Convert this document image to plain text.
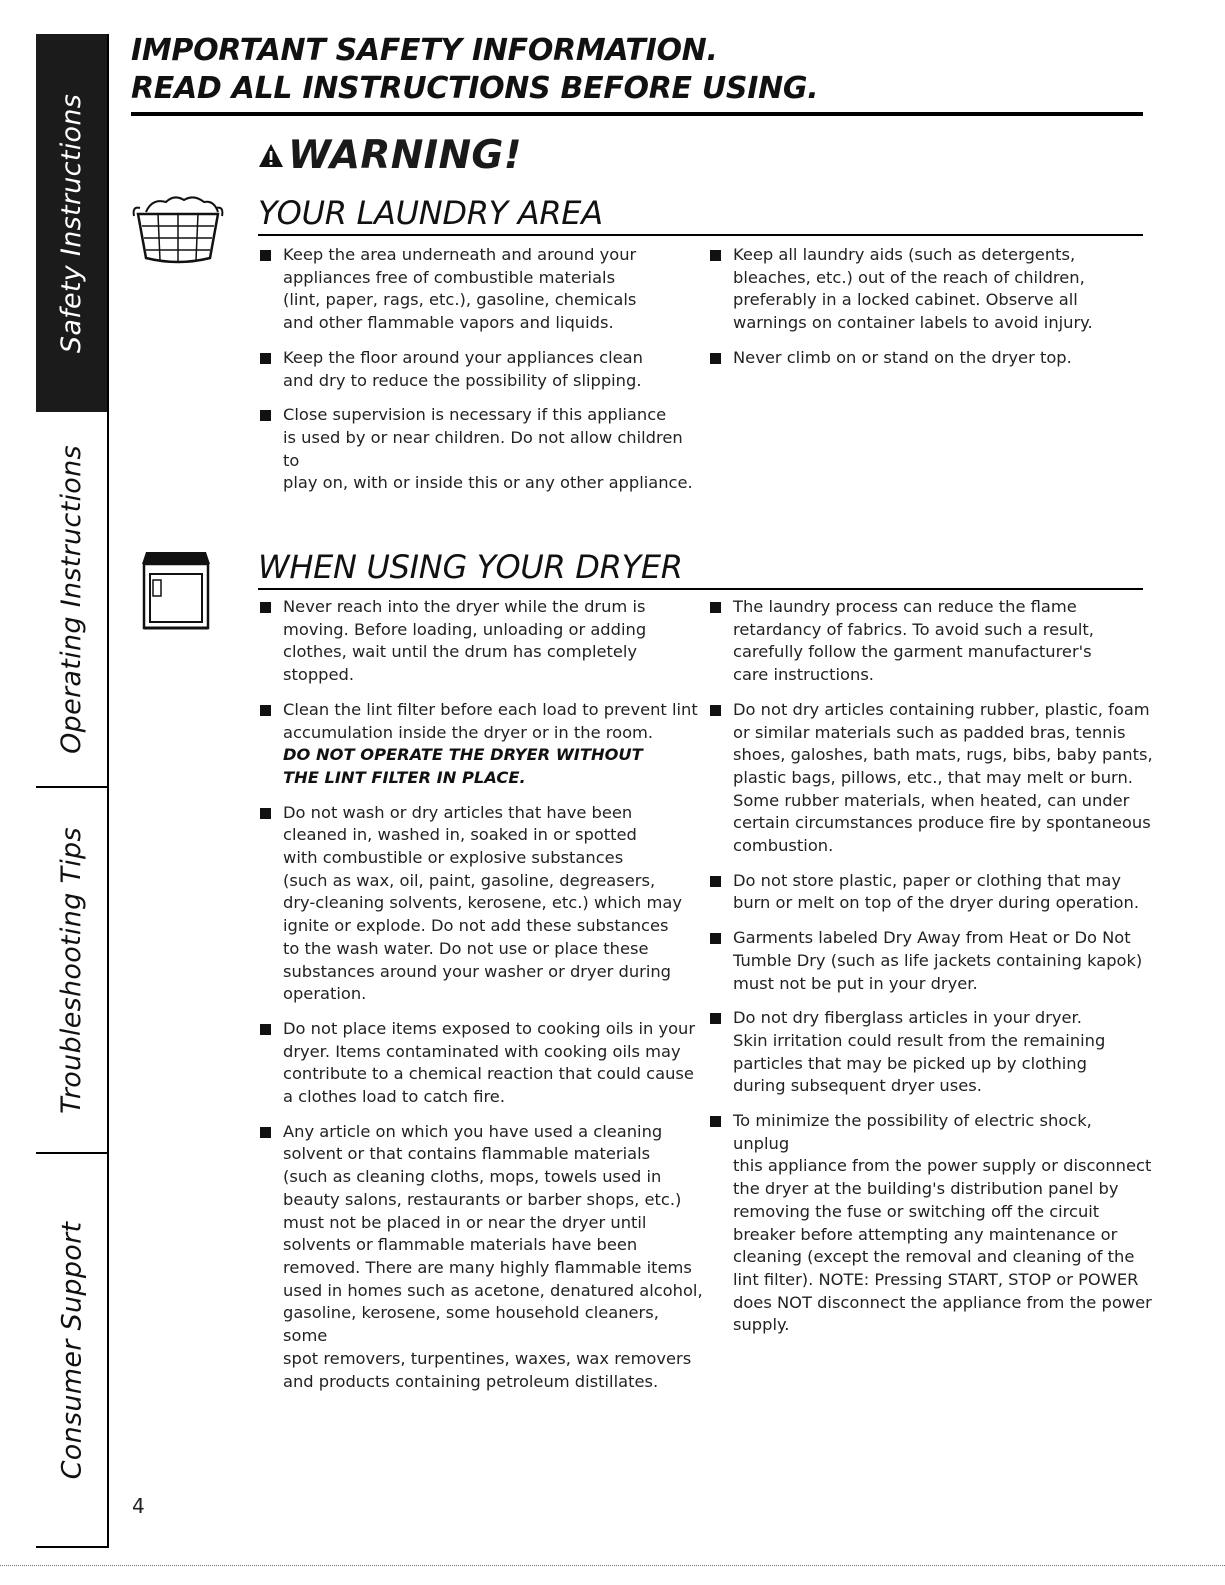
Safety Instructions
Operating Instructions
Troubleshooting Tips
Consumer Support
IMPORTANT SAFETY INFORMATION.
READ ALL INSTRUCTIONS BEFORE USING.
WARNING!
YOUR LAUNDRY AREA
Keep the area underneath and around your
appliances free of combustible materials
(lint, paper, rags, etc.), gasoline, chemicals
and other flammable vapors and liquids.
Keep the floor around your appliances clean
and dry to reduce the possibility of slipping.
Close supervision is necessary if this appliance
is used by or near children. Do not allow children to
play on, with or inside this or any other appliance.
Keep all laundry aids (such as detergents,
bleaches, etc.) out of the reach of children,
preferably in a locked cabinet. Observe all
warnings on container labels to avoid injury.
Never climb on or stand on the dryer top.
WHEN USING YOUR DRYER
Never reach into the dryer while the drum is
moving. Before loading, unloading or adding
clothes, wait until the drum has completely
stopped.
Clean the lint filter before each load to prevent lint
accumulation inside the dryer or in the room.
DO NOT OPERATE THE DRYER WITHOUT
THE LINT FILTER IN PLACE.
Do not wash or dry articles that have been
cleaned in, washed in, soaked in or spotted
with combustible or explosive substances
(such as wax, oil, paint, gasoline, degreasers,
dry-cleaning solvents, kerosene, etc.) which may
ignite or explode. Do not add these substances
to the wash water. Do not use or place these
substances around your washer or dryer during
operation.
Do not place items exposed to cooking oils in your
dryer. Items contaminated with cooking oils may
contribute to a chemical reaction that could cause
a clothes load to catch fire.
Any article on which you have used a cleaning
solvent or that contains flammable materials
(such as cleaning cloths, mops, towels used in
beauty salons, restaurants or barber shops, etc.)
must not be placed in or near the dryer until
solvents or flammable materials have been
removed. There are many highly flammable items
used in homes such as acetone, denatured alcohol,
gasoline, kerosene, some household cleaners, some
spot removers, turpentines, waxes, wax removers
and products containing petroleum distillates.
The laundry process can reduce the flame
retardancy of fabrics. To avoid such a result,
carefully follow the garment manufacturer's
care instructions.
Do not dry articles containing rubber, plastic, foam
or similar materials such as padded bras, tennis
shoes, galoshes, bath mats, rugs, bibs, baby pants,
plastic bags, pillows, etc., that may melt or burn.
Some rubber materials, when heated, can under
certain circumstances produce fire by spontaneous
combustion.
Do not store plastic, paper or clothing that may
burn or melt on top of the dryer during operation.
Garments labeled Dry Away from Heat or Do Not
Tumble Dry (such as life jackets containing kapok)
must not be put in your dryer.
Do not dry fiberglass articles in your dryer.
Skin irritation could result from the remaining
particles that may be picked up by clothing
during subsequent dryer uses.
To minimize the possibility of electric shock, unplug
this appliance from the power supply or disconnect
the dryer at the building's distribution panel by
removing the fuse or switching off the circuit
breaker before attempting any maintenance or
cleaning (except the removal and cleaning of the
lint filter). NOTE: Pressing START, STOP or POWER
does NOT disconnect the appliance from the power
supply.
4
